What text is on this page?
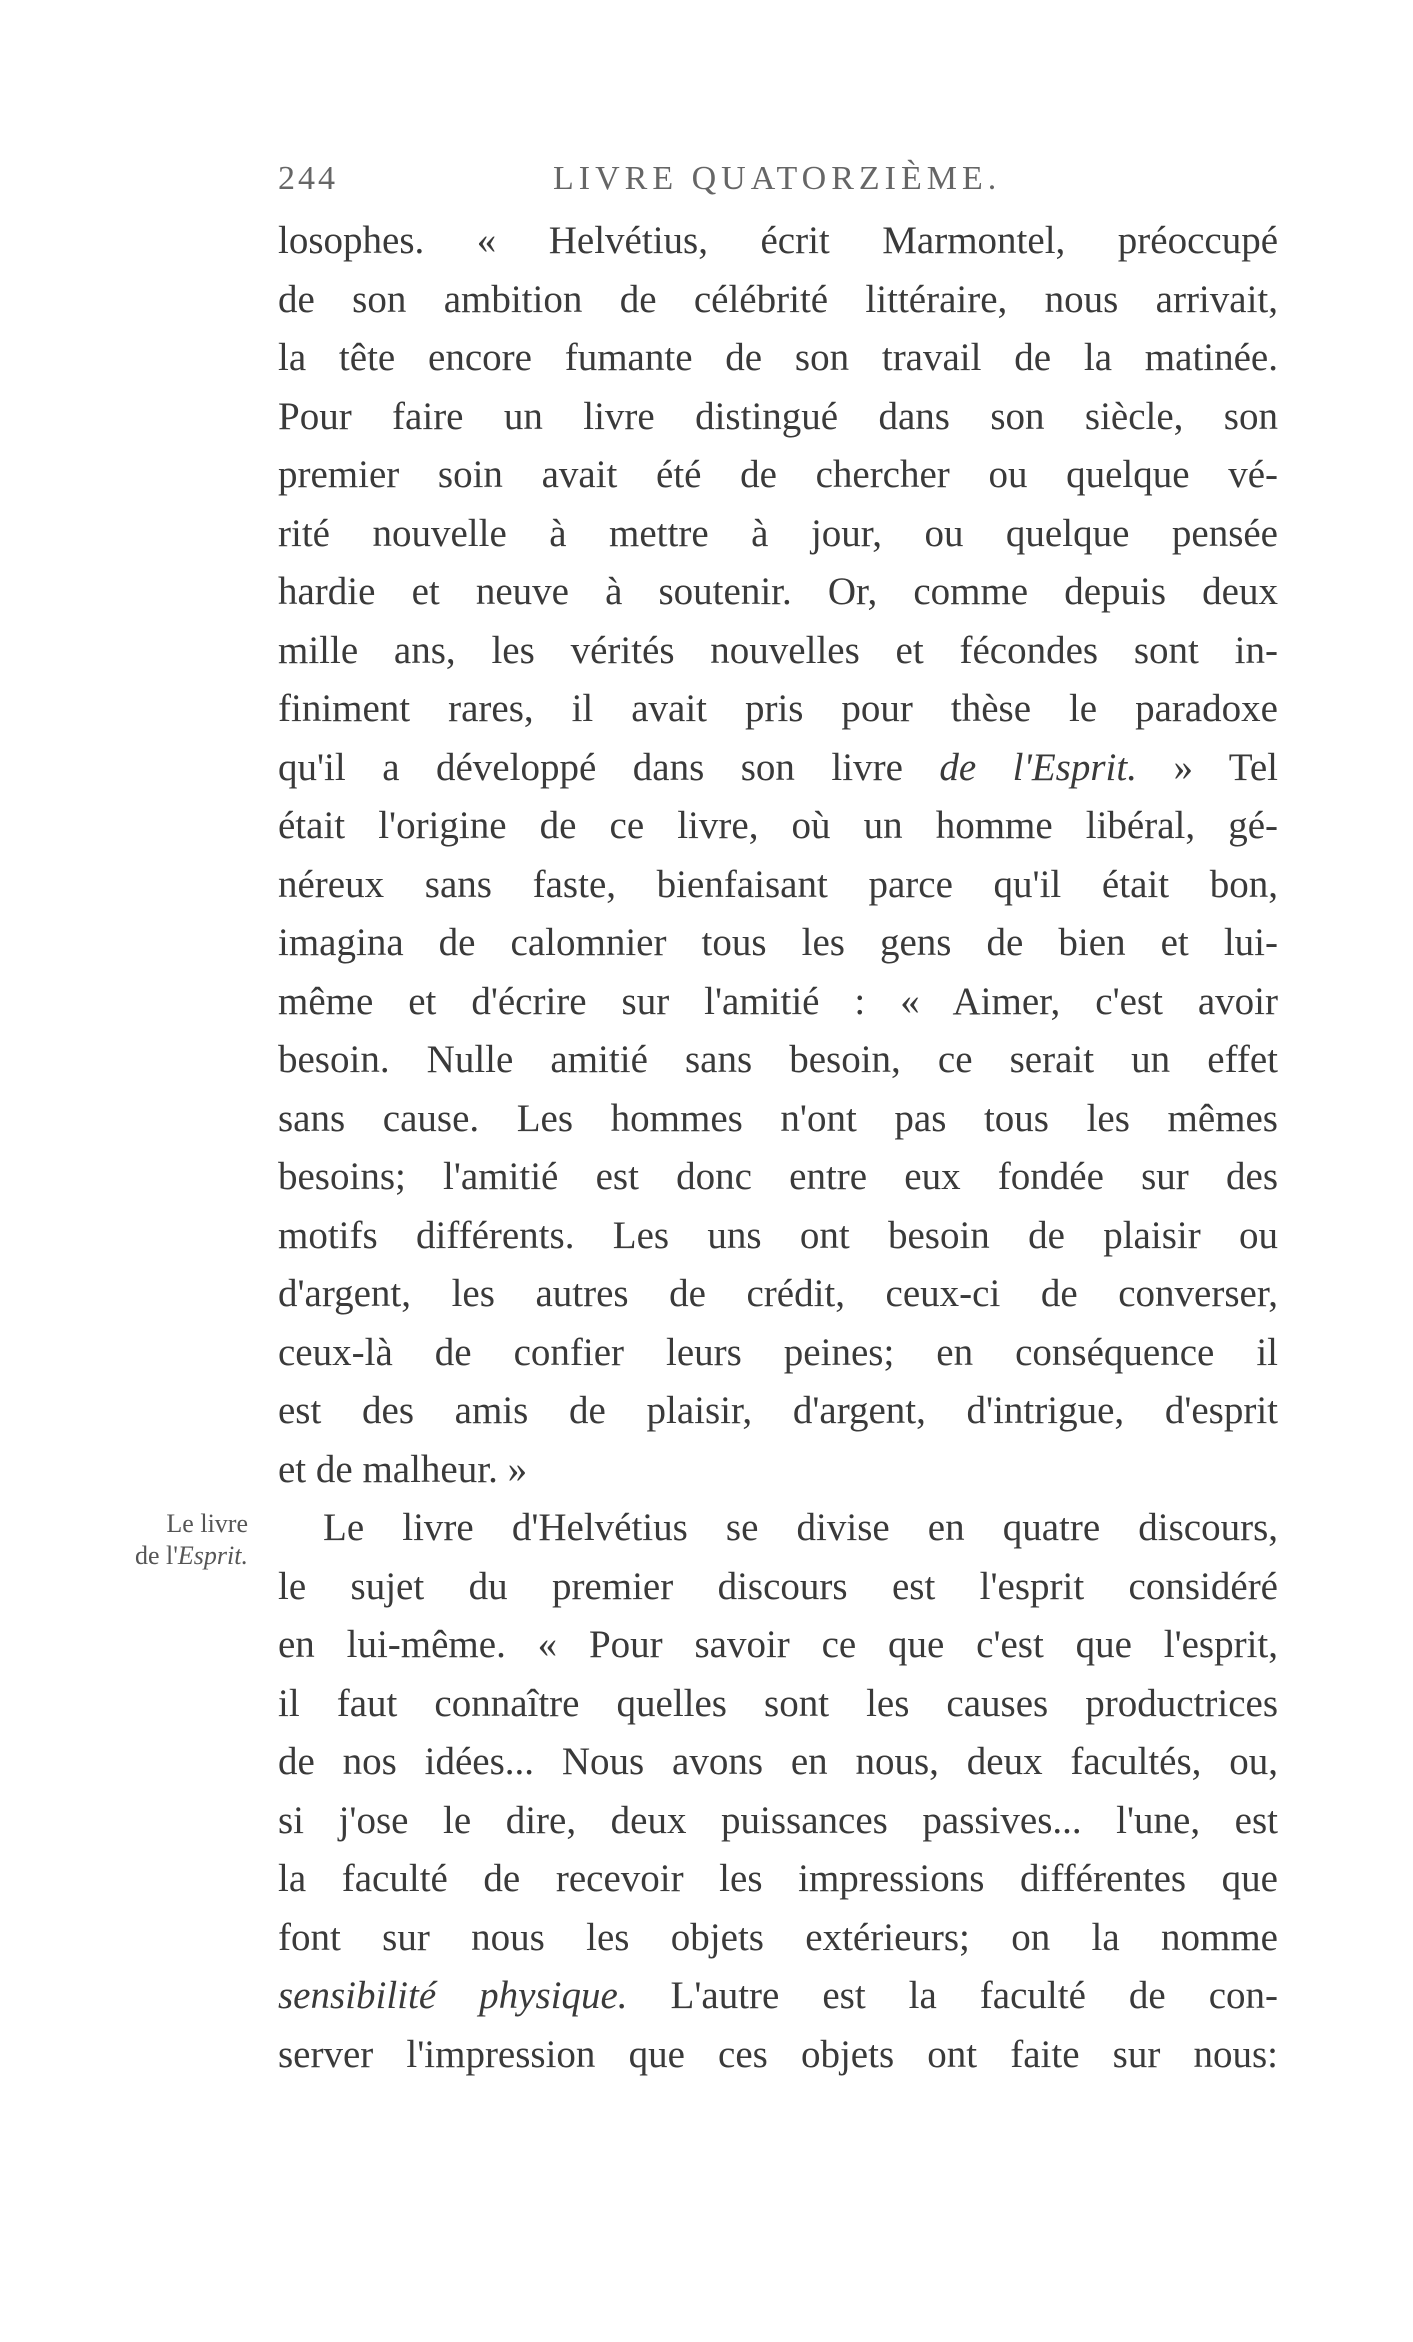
244	LIVRE QUATORZIÈME.
Le livre
de l'Esprit.
losophes. « Helvétius, écrit Marmontel, préoccupé
de son ambition de célébrité littéraire, nous arrivait,
la tête encore fumante de son travail de la matinée.
Pour faire un livre distingué dans son siècle, son
premier soin avait été de chercher ou quelque vé-
rité nouvelle à mettre à jour, ou quelque pensée
hardie et neuve à soutenir. Or, comme depuis deux
mille ans, les vérités nouvelles et fécondes sont in-
finiment rares, il avait pris pour thèse le paradoxe
qu'il a développé dans son livre de l'Esprit. » Tel
était l'origine de ce livre, où un homme libéral, gé-
néreux sans faste, bienfaisant parce qu'il était bon,
imagina de calomnier tous les gens de bien et lui-
même et d'écrire sur l'amitié : « Aimer, c'est avoir
besoin. Nulle amitié sans besoin, ce serait un effet
sans cause. Les hommes n'ont pas tous les mêmes
besoins; l'amitié est donc entre eux fondée sur des
motifs différents. Les uns ont besoin de plaisir ou
d'argent, les autres de crédit, ceux-ci de converser,
ceux-là de confier leurs peines; en conséquence il
est des amis de plaisir, d'argent, d'intrigue, d'esprit
et de malheur. »
Le livre d'Helvétius se divise en quatre discours,
le sujet du premier discours est l'esprit considéré
en lui-même. « Pour savoir ce que c'est que l'esprit,
il faut connaître quelles sont les causes productrices
de nos idées... Nous avons en nous, deux facultés, ou,
si j'ose le dire, deux puissances passives... l'une, est
la faculté de recevoir les impressions différentes que
font sur nous les objets extérieurs; on la nomme
sensibilité physique. L'autre est la faculté de con-
server l'impression que ces objets ont faite sur nous:
